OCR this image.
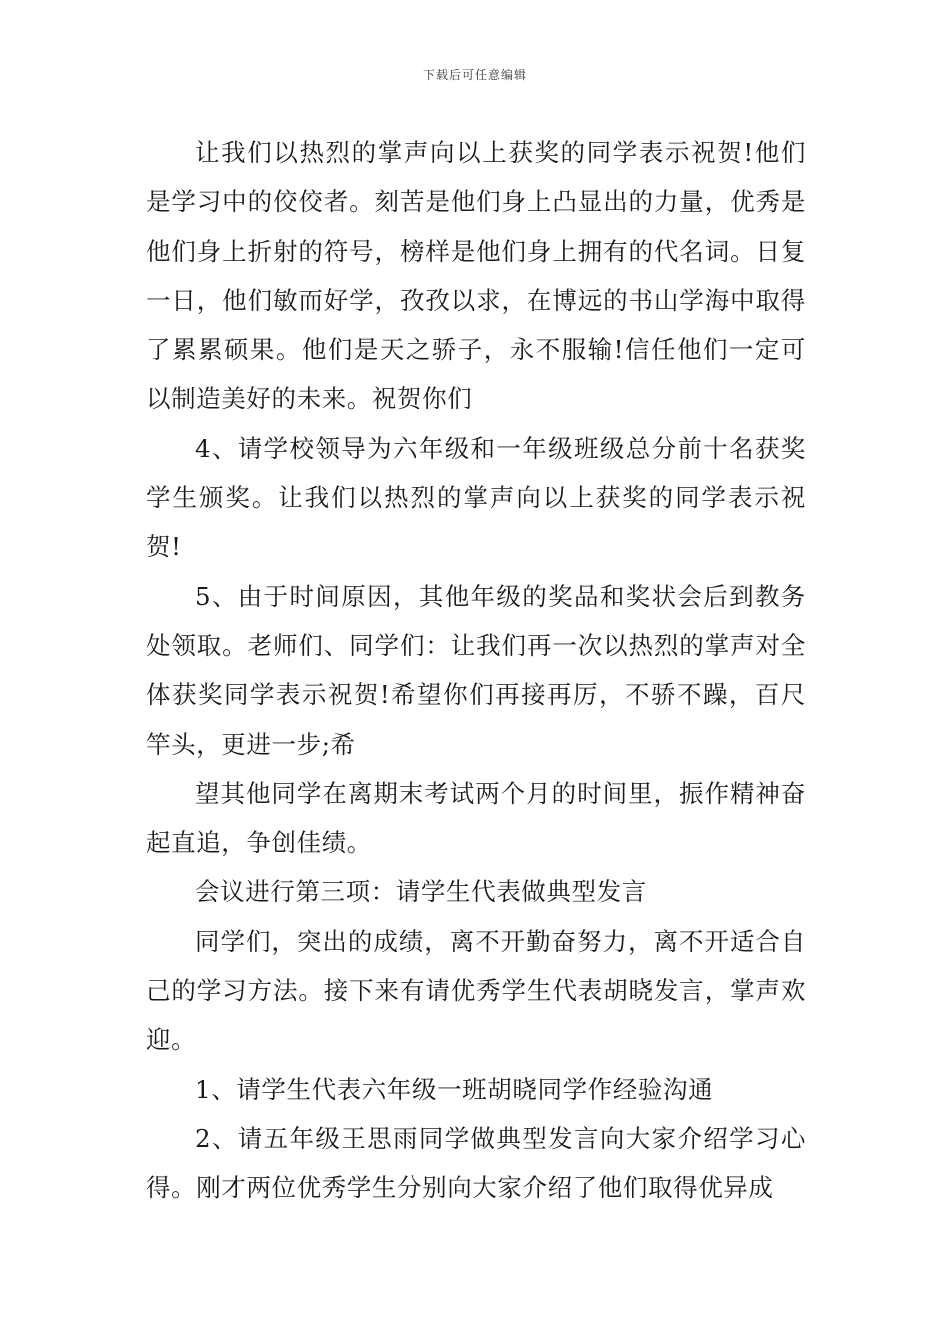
下载后可任意编辑

让我们以热烈的掌声向以上获奖的同学表示祝贺!他们是学习中的佼佼者。刻苦是他们身上凸显出的力量，优秀是他们身上折射的符号，榜样是他们身上拥有的代名词。日复一日，他们敏而好学，孜孜以求，在博远的书山学海中取得了累累硕果。他们是天之骄子，永不服输!信任他们一定可以制造美好的未来。祝贺你们

4、请学校领导为六年级和一年级班级总分前十名获奖学生颁奖。让我们以热烈的掌声向以上获奖的同学表示祝贺!

5、由于时间原因，其他年级的奖品和奖状会后到教务处领取。老师们、同学们：让我们再一次以热烈的掌声对全体获奖同学表示祝贺!希望你们再接再厉，不骄不躁，百尺竿头，更进一步;希

望其他同学在离期末考试两个月的时间里，振作精神奋起直追，争创佳绩。

会议进行第三项：请学生代表做典型发言

同学们，突出的成绩，离不开勤奋努力，离不开适合自己的学习方法。接下来有请优秀学生代表胡晓发言，掌声欢迎。

1、请学生代表六年级一班胡晓同学作经验沟通

2、请五年级王思雨同学做典型发言向大家介绍学习心得。刚才两位优秀学生分别向大家介绍了他们取得优异成
